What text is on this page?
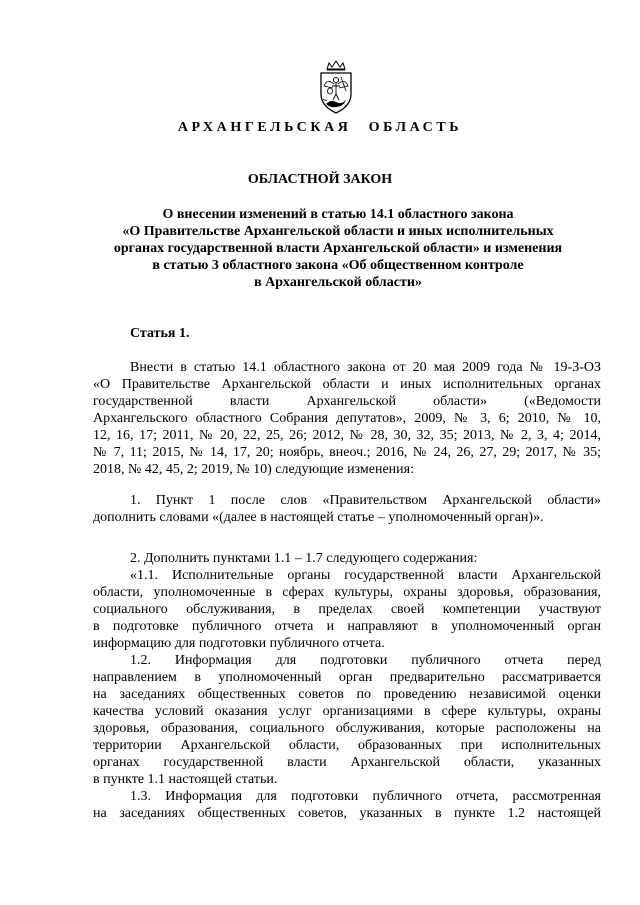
АРХАНГЕЛЬСКАЯ ОБЛАСТЬ
ОБЛАСТНОЙ ЗАКОН
О внесении изменений в статью 14.1 областного закона
«О Правительстве Архангельской области и иных исполнительных
органах государственной власти Архангельской области» и изменения
в статью 3 областного закона «Об общественном контроле
в Архангельской области»
Статья 1.
Внести в статью 14.1 областного закона от 20 мая 2009 года № 19-3-ОЗ
«О Правительстве Архангельской области и иных исполнительных органах
государственной власти Архангельской области» («Ведомости
Архангельского областного Собрания депутатов», 2009, № 3, 6; 2010, № 10,
12, 16, 17; 2011, № 20, 22, 25, 26; 2012, № 28, 30, 32, 35; 2013, № 2, 3, 4; 2014,
№ 7, 11; 2015, № 14, 17, 20; ноябрь, внеоч.; 2016, № 24, 26, 27, 29; 2017, № 35;
2018, № 42, 45, 2; 2019, № 10) следующие изменения:
1. Пункт 1 после слов «Правительством Архангельской области»
дополнить словами «(далее в настоящей статье – уполномоченный орган)».
2. Дополнить пунктами 1.1 – 1.7 следующего содержания:
«1.1. Исполнительные органы государственной власти Архангельской
области, уполномоченные в сферах культуры, охраны здоровья, образования,
социального обслуживания, в пределах своей компетенции участвуют
в подготовке публичного отчета и направляют в уполномоченный орган
информацию для подготовки публичного отчета.
1.2. Информация для подготовки публичного отчета перед
направлением в уполномоченный орган предварительно рассматривается
на заседаниях общественных советов по проведению независимой оценки
качества условий оказания услуг организациями в сфере культуры, охраны
здоровья, образования, социального обслуживания, которые расположены на
территории Архангельской области, образованных при исполнительных
органах государственной власти Архангельской области, указанных
в пункте 1.1 настоящей статьи.
1.3. Информация для подготовки публичного отчета, рассмотренная
на заседаниях общественных советов, указанных в пункте 1.2 настоящей
